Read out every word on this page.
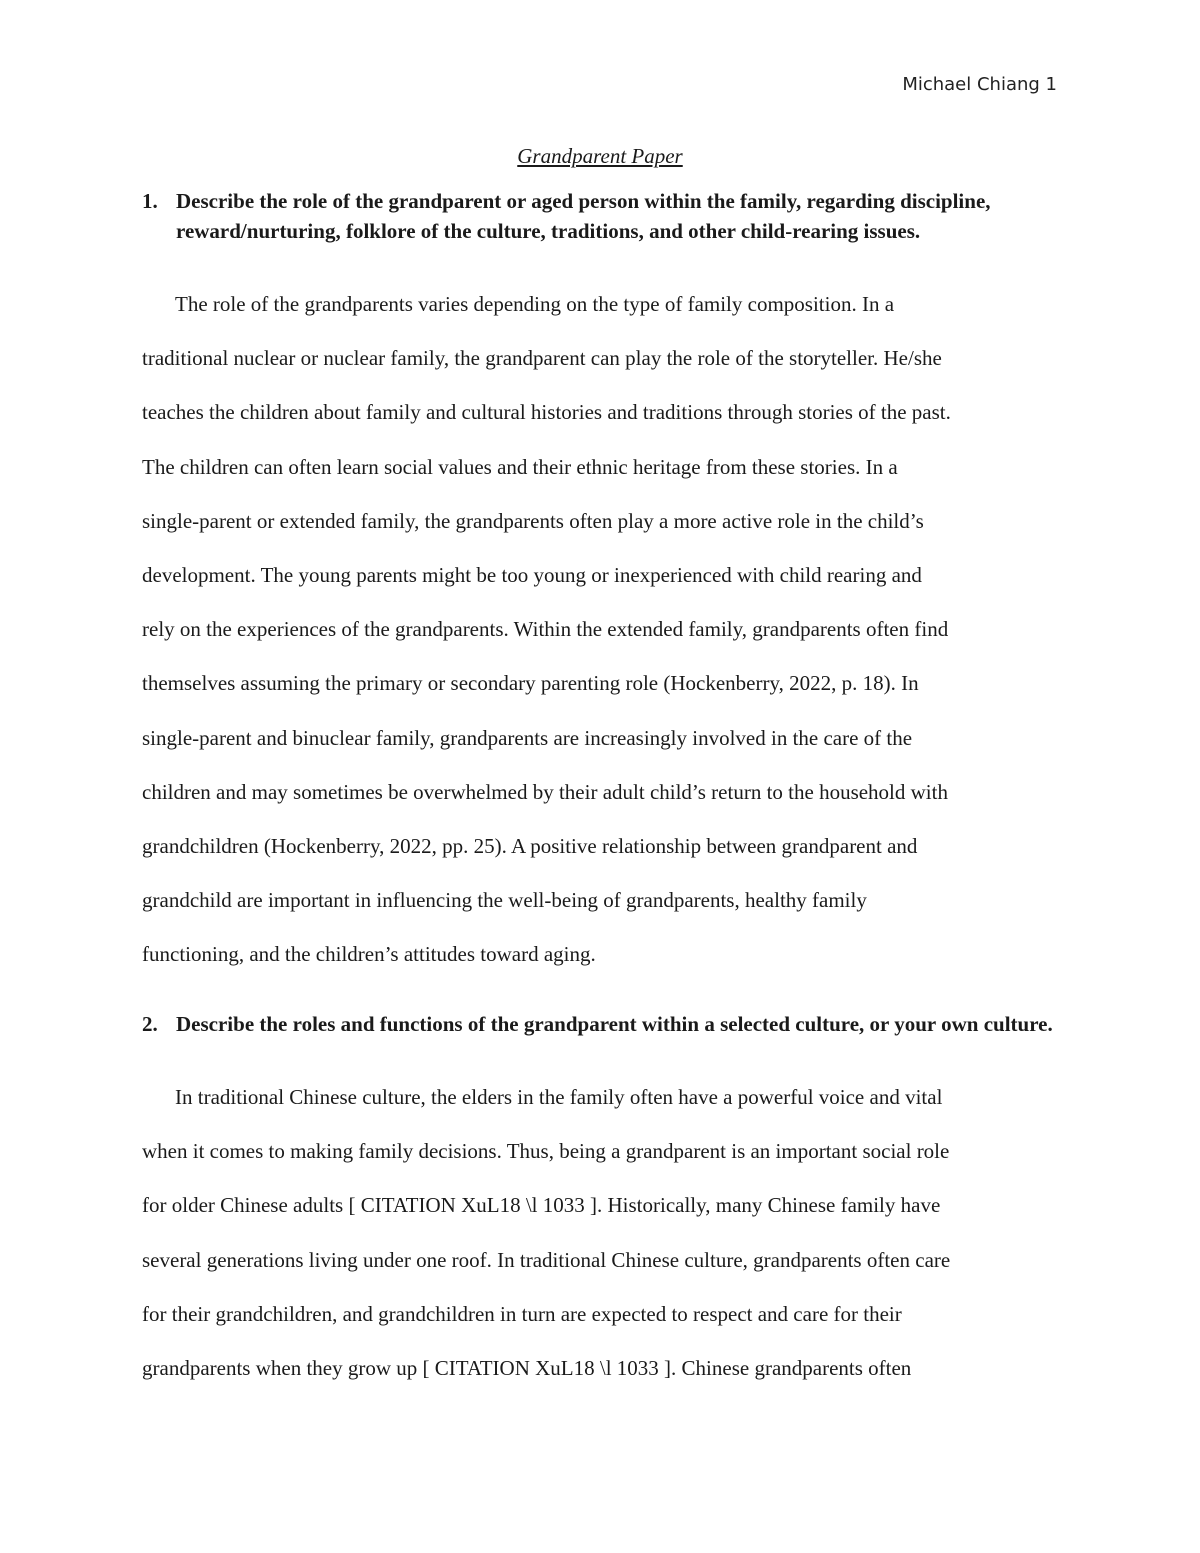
Michael Chiang 1
Grandparent Paper
1. Describe the role of the grandparent or aged person within the family, regarding discipline, reward/nurturing, folklore of the culture, traditions, and other child-rearing issues.
The role of the grandparents varies depending on the type of family composition. In a
traditional nuclear or nuclear family, the grandparent can play the role of the storyteller. He/she
teaches the children about family and cultural histories and traditions through stories of the past.
The children can often learn social values and their ethnic heritage from these stories. In a
single-parent or extended family, the grandparents often play a more active role in the child’s
development. The young parents might be too young or inexperienced with child rearing and
rely on the experiences of the grandparents. Within the extended family, grandparents often find
themselves assuming the primary or secondary parenting role (Hockenberry, 2022, p. 18). In
single-parent and binuclear family, grandparents are increasingly involved in the care of the
children and may sometimes be overwhelmed by their adult child’s return to the household with
grandchildren (Hockenberry, 2022, pp. 25). A positive relationship between grandparent and
grandchild are important in influencing the well-being of grandparents, healthy family
functioning, and the children’s attitudes toward aging.
2. Describe the roles and functions of the grandparent within a selected culture, or your own culture.
In traditional Chinese culture, the elders in the family often have a powerful voice and vital
when it comes to making family decisions. Thus, being a grandparent is an important social role
for older Chinese adults [ CITATION XuL18 \l 1033 ]. Historically, many Chinese family have
several generations living under one roof. In traditional Chinese culture, grandparents often care
for their grandchildren, and grandchildren in turn are expected to respect and care for their
grandparents when they grow up [ CITATION XuL18 \l 1033 ]. Chinese grandparents often
